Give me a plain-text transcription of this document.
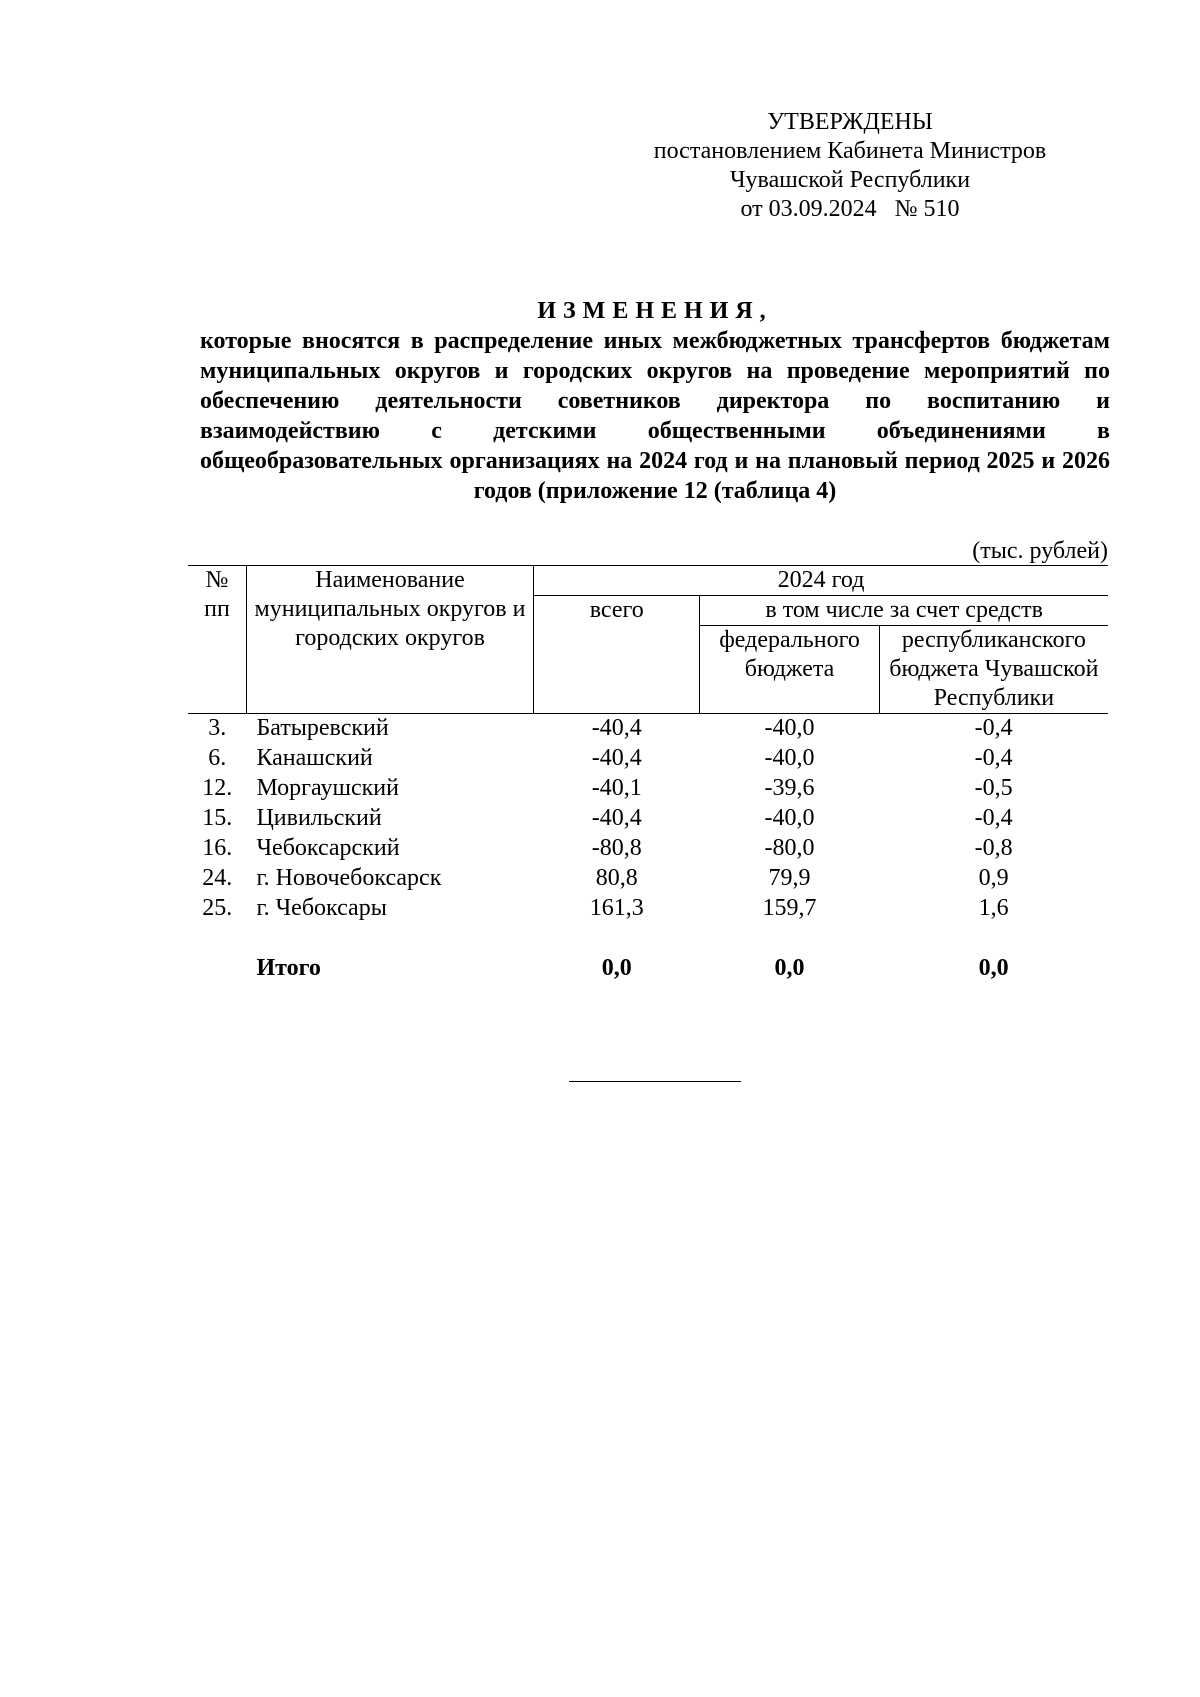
УТВЕРЖДЕНЫ
постановлением Кабинета Министров
Чувашской Республики
от 03.09.2024 № 510
ИЗМЕНЕНИЯ,
которые вносятся в распределение иных межбюджетных трансфертов бюджетам муниципальных округов и городских округов на проведение мероприятий по обеспечению деятельности советников директора по воспитанию и взаимодействию с детскими общественными объединениями в общеобразовательных организациях на 2024 год и на плановый период 2025 и 2026 годов (приложение 12 (таблица 4)
(тыс. рублей)
№ пп	Наименование муниципальных округов и городских округов	2024 год		
		всего	в том числе за счет средств	
			федерального бюджета	республиканского бюджета Чувашской Республики
3.	Батыревский	-40,4	-40,0	-0,4
6.	Канашский	-40,4	-40,0	-0,4
12.	Моргаушский	-40,1	-39,6	-0,5
15.	Цивильский	-40,4	-40,0	-0,4
16.	Чебоксарский	-80,8	-80,0	-0,8
24.	г. Новочебоксарск	80,8	79,9	0,9
25.	г. Чебоксары	161,3	159,7	1,6
	Итого	0,0	0,0	0,0
